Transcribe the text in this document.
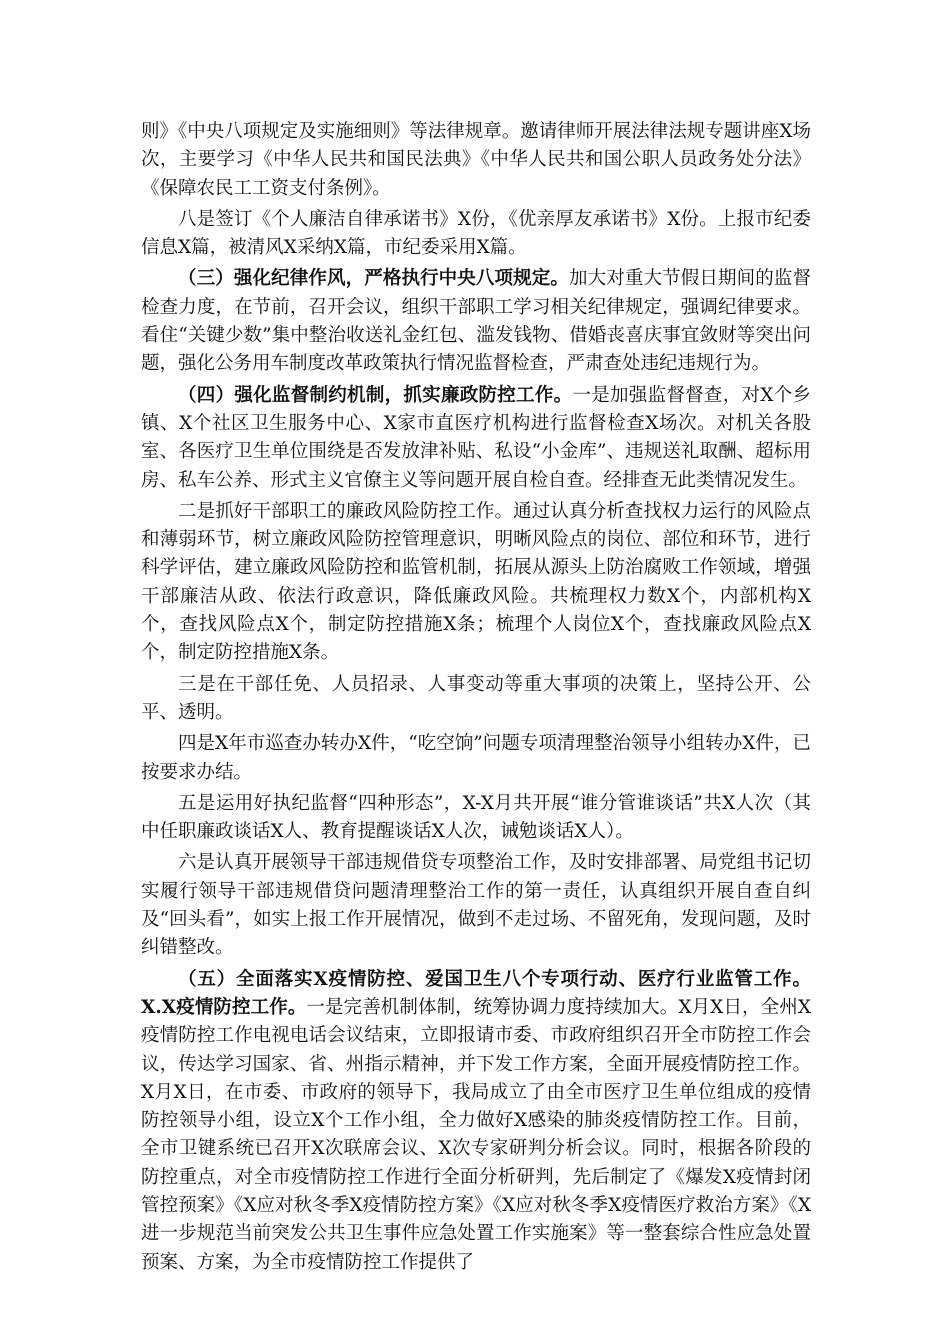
则》《中央八项规定及实施细则》等法律规章。邀请律师开展法律法规专题讲座X场次，主要学习《中华人民共和国民法典》《中华人民共和国公职人员政务处分法》《保障农民工工资支付条例》。

八是签订《个人廉洁自律承诺书》X份，《优亲厚友承诺书》X份。上报市纪委信息X篇，被清风X采纳X篇，市纪委采用X篇。

（三）强化纪律作风，严格执行中央八项规定。加大对重大节假日期间的监督检查力度，在节前，召开会议，组织干部职工学习相关纪律规定，强调纪律要求。看住“关键少数”集中整治收送礼金红包、滥发钱物、借婚丧喜庆事宜敛财等突出问题，强化公务用车制度改革政策执行情况监督检查，严肃查处违纪违规行为。

（四）强化监督制约机制，抓实廉政防控工作。一是加强监督督查，对X个乡镇、X个社区卫生服务中心、X家市直医疗机构进行监督检查X场次。对机关各股室、各医疗卫生单位围绕是否发放津补贴、私设“小金库”、违规送礼取酬、超标用房、私车公养、形式主义官僚主义等问题开展自检自查。经排查无此类情况发生。

二是抓好干部职工的廉政风险防控工作。通过认真分析查找权力运行的风险点和薄弱环节，树立廉政风险防控管理意识，明晰风险点的岗位、部位和环节，进行科学评估，建立廉政风险防控和监管机制，拓展从源头上防治腐败工作领域，增强干部廉洁从政、依法行政意识，降低廉政风险。共梳理权力数X个，内部机构X个，查找风险点X个，制定防控措施X条；梳理个人岗位X个，查找廉政风险点X个，制定防控措施X条。

三是在干部任免、人员招录、人事变动等重大事项的决策上，坚持公开、公平、透明。

四是X年市巡查办转办X件，“吃空饷”问题专项清理整治领导小组转办X件，已按要求办结。

五是运用好执纪监督“四种形态”，X-X月共开展“谁分管谁谈话”共X人次（其中任职廉政谈话X人、教育提醒谈话X人次，诫勉谈话X人）。

六是认真开展领导干部违规借贷专项整治工作，及时安排部署、局党组书记切实履行领导干部违规借贷问题清理整治工作的第一责任，认真组织开展自查自纠及“回头看”，如实上报工作开展情况，做到不走过场、不留死角，发现问题，及时纠错整改。

（五）全面落实X疫情防控、爱国卫生八个专项行动、医疗行业监管工作。X.X疫情防控工作。一是完善机制体制，统筹协调力度持续加大。X月X日，全州X疫情防控工作电视电话会议结束，立即报请市委、市政府组织召开全市防控工作会议，传达学习国家、省、州指示精神，并下发工作方案，全面开展疫情防控工作。X月X日，在市委、市政府的领导下，我局成立了由全市医疗卫生单位组成的疫情防控领导小组，设立X个工作小组，全力做好X感染的肺炎疫情防控工作。目前，全市卫键系统已召开X次联席会议、X次专家研判分析会议。同时，根据各阶段的防控重点，对全市疫情防控工作进行全面分析研判，先后制定了《爆发X疫情封闭管控预案》《X应对秋冬季X疫情防控方案》《X应对秋冬季X疫情医疗救治方案》《X进一步规范当前突发公共卫生事件应急处置工作实施案》等一整套综合性应急处置预案、方案，为全市疫情防控工作提供了
